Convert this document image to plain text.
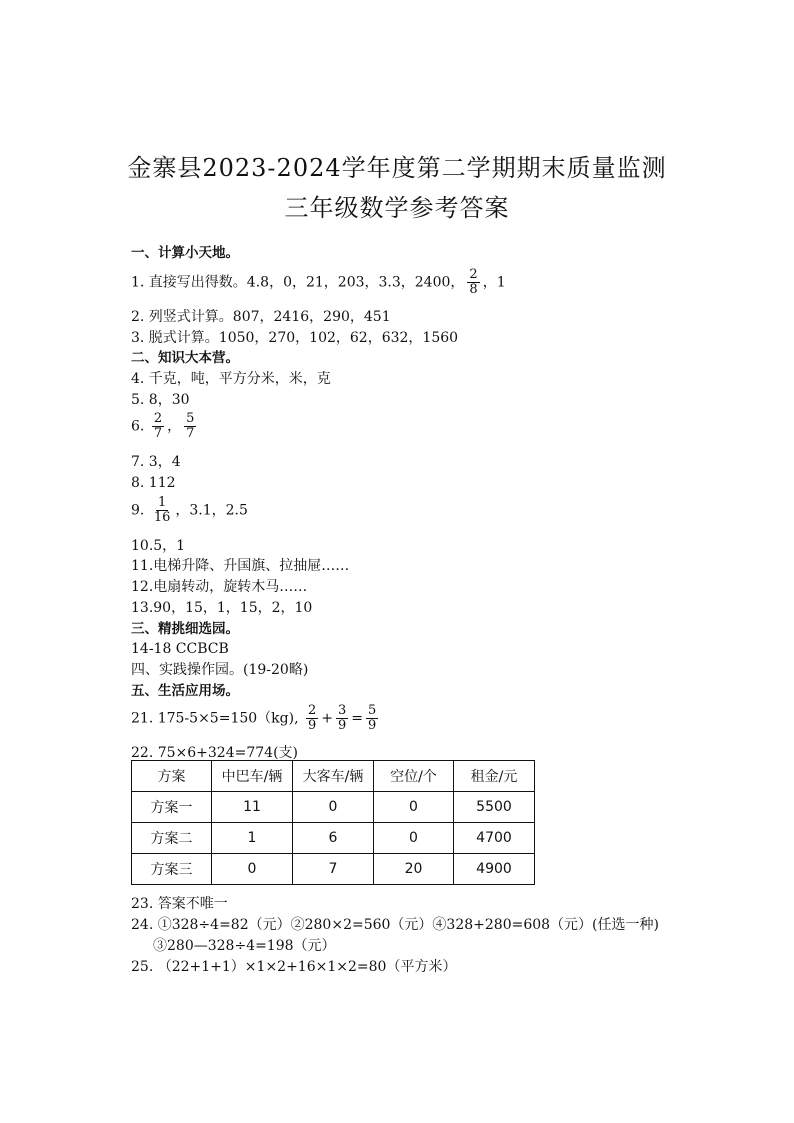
金寨县2023-2024学年度第二学期期末质量监测
三年级数学参考答案
一、计算小天地。
1. 直接写出得数。4.8，0，21，203，3.3，2400， $\frac{2}{8}$ ，1
2. 列竖式计算。807，2416，290，451
3. 脱式计算。1050，270，102，62，632，1560
二、知识大本营。
4. 千克，吨，平方分米，米，克
5. 8，30
6. $\frac{2}{7}$ ， $\frac{5}{7}$
7. 3，4
8. 112
9. $\frac{1}{16}$ ，3.1，2.5
10.5，1
11.电梯升降、升国旗、拉抽屉……
12.电扇转动，旋转木马……
13.90，15，1，15，2，10
三、精挑细选园。
14-18 CCBCB
四、实践操作园。(19-20略)
五、生活应用场。
21. 175-5×5=150（kg), $\frac{2}{9} + \frac{3}{9} = \frac{5}{9}$
22. 75×6+324=774(支)
方案	中巴车/辆	大客车/辆	空位/个	租金/元
方案一	11	0	0	5500
方案二	1	6	0	4700
方案三	0	7	20	4900
23. 答案不唯一
24. ①328÷4=82（元）②280×2=560（元）④328+280=608（元）(任选一种)
③280—328÷4=198（元）
25. （22+1+1）×1×2+16×1×2=80（平方米）
